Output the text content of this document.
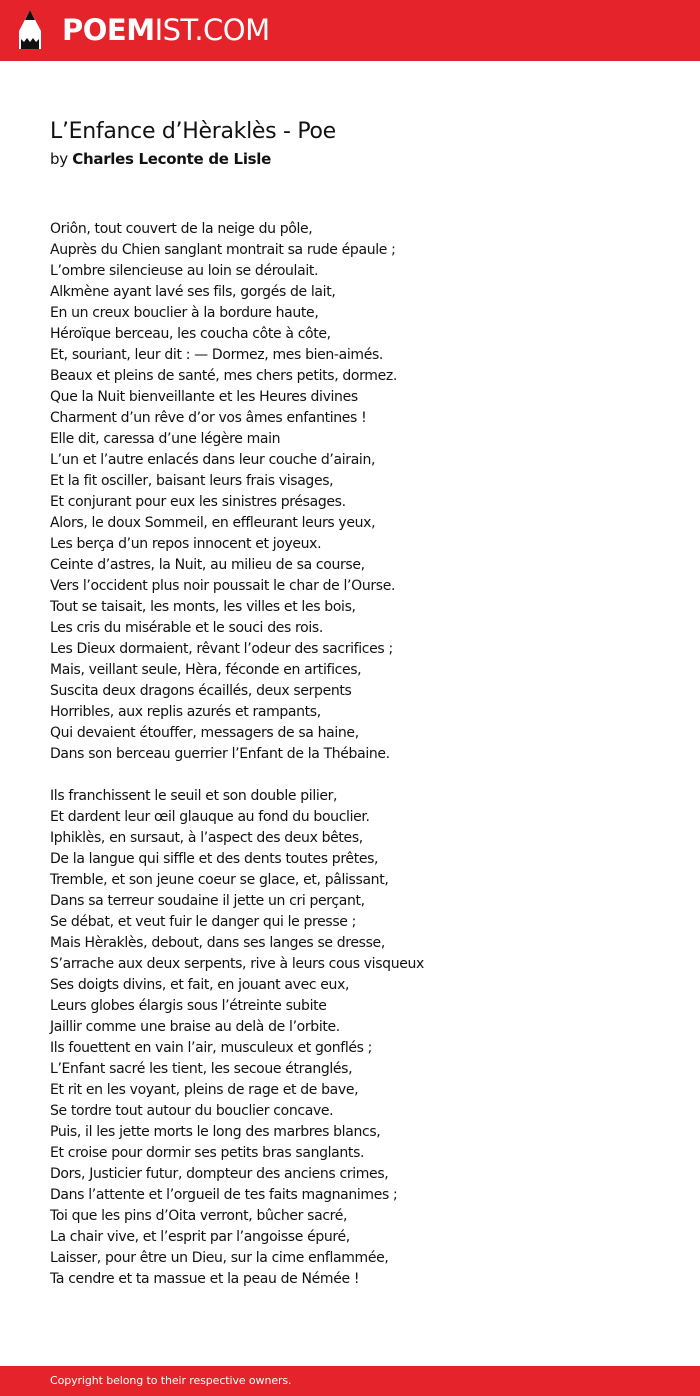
POEMIST.COM
L’Enfance d’Hèraklès - Poe
by Charles Leconte de Lisle
Oriôn, tout couvert de la neige du pôle,
Auprès du Chien sanglant montrait sa rude épaule ;
L’ombre silencieuse au loin se déroulait.
Alkmène ayant lavé ses fils, gorgés de lait,
En un creux bouclier à la bordure haute,
Héroïque berceau, les coucha côte à côte,
Et, souriant, leur dit : — Dormez, mes bien-aimés.
Beaux et pleins de santé, mes chers petits, dormez.
Que la Nuit bienveillante et les Heures divines
Charment d’un rêve d’or vos âmes enfantines !
Elle dit, caressa d’une légère main
L’un et l’autre enlacés dans leur couche d’airain,
Et la fit osciller, baisant leurs frais visages,
Et conjurant pour eux les sinistres présages.
Alors, le doux Sommeil, en effleurant leurs yeux,
Les berça d’un repos innocent et joyeux.
Ceinte d’astres, la Nuit, au milieu de sa course,
Vers l’occident plus noir poussait le char de l’Ourse.
Tout se taisait, les monts, les villes et les bois,
Les cris du misérable et le souci des rois.
Les Dieux dormaient, rêvant l’odeur des sacrifices ;
Mais, veillant seule, Hèra, féconde en artifices,
Suscita deux dragons écaillés, deux serpents
Horribles, aux replis azurés et rampants,
Qui devaient étouffer, messagers de sa haine,
Dans son berceau guerrier l’Enfant de la Thébaine.
Ils franchissent le seuil et son double pilier,
Et dardent leur œil glauque au fond du bouclier.
Iphiklès, en sursaut, à l’aspect des deux bêtes,
De la langue qui siffle et des dents toutes prêtes,
Tremble, et son jeune coeur se glace, et, pâlissant,
Dans sa terreur soudaine il jette un cri perçant,
Se débat, et veut fuir le danger qui le presse ;
Mais Hèraklès, debout, dans ses langes se dresse,
S’arrache aux deux serpents, rive à leurs cous visqueux
Ses doigts divins, et fait, en jouant avec eux,
Leurs globes élargis sous l’étreinte subite
Jaillir comme une braise au delà de l’orbite.
Ils fouettent en vain l’air, musculeux et gonflés ;
L’Enfant sacré les tient, les secoue étranglés,
Et rit en les voyant, pleins de rage et de bave,
Se tordre tout autour du bouclier concave.
Puis, il les jette morts le long des marbres blancs,
Et croise pour dormir ses petits bras sanglants.
Dors, Justicier futur, dompteur des anciens crimes,
Dans l’attente et l’orgueil de tes faits magnanimes ;
Toi que les pins d’Oita verront, bûcher sacré,
La chair vive, et l’esprit par l’angoisse épuré,
Laisser, pour être un Dieu, sur la cime enflammée,
Ta cendre et ta massue et la peau de Némée !
Copyright belong to their respective owners.
